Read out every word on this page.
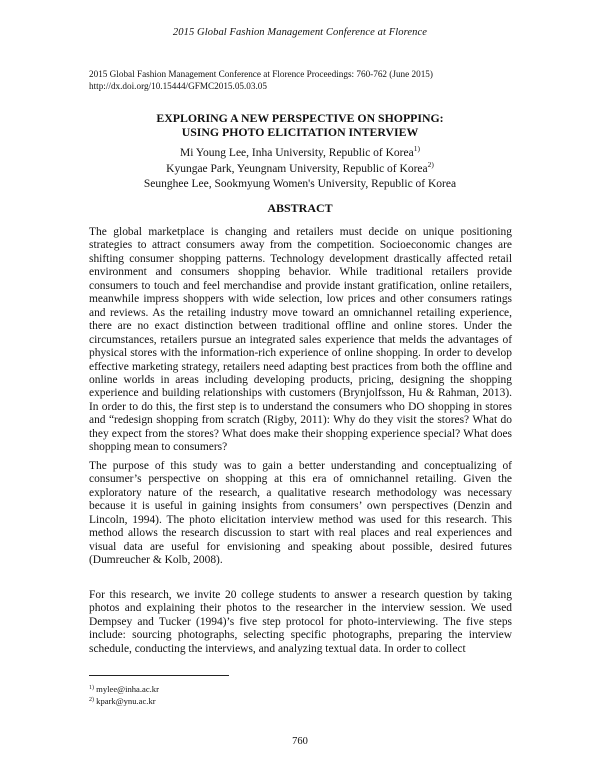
2015 Global Fashion Management Conference at Florence
2015 Global Fashion Management Conference at Florence Proceedings: 760-762 (June 2015)
http://dx.doi.org/10.15444/GFMC2015.05.03.05
EXPLORING A NEW PERSPECTIVE ON SHOPPING:
USING PHOTO ELICITATION INTERVIEW
Mi Young Lee, Inha University, Republic of Korea$^{1)}$
Kyungae Park, Yeungnam University, Republic of Korea$^{2)}$
Seunghee Lee, Sookmyung Women's University, Republic of Korea
ABSTRACT

The global marketplace is changing and retailers must decide on unique positioning strategies to attract consumers away from the competition. Socioeconomic changes are shifting consumer shopping patterns. Technology development drastically affected retail environment and consumers shopping behavior. While traditional retailers provide consumers to touch and feel merchandise and provide instant gratification, online retailers, meanwhile impress shoppers with wide selection, low prices and other consumers ratings and reviews. As the retailing industry move toward an omnichannel retailing experience, there are no exact distinction between traditional offline and online stores. Under the circumstances, retailers pursue an integrated sales experience that melds the advantages of physical stores with the information-rich experience of online shopping. In order to develop effective marketing strategy, retailers need adapting best practices from both the offline and online worlds in areas including developing products, pricing, designing the shopping experience and building relationships with customers (Brynjolfsson, Hu & Rahman, 2013). In order to do this, the first step is to understand the consumers who DO shopping in stores and “redesign shopping from scratch (Rigby, 2011): Why do they visit the stores? What do they expect from the stores? What does make their shopping experience special? What does shopping mean to consumers?

The purpose of this study was to gain a better understanding and conceptualizing of consumer’s perspective on shopping at this era of omnichannel retailing. Given the exploratory nature of the research, a qualitative research methodology was necessary because it is useful in gaining insights from consumers’ own perspectives (Denzin and Lincoln, 1994). The photo elicitation interview method was used for this research. This method allows the research discussion to start with real places and real experiences and visual data are useful for envisioning and speaking about possible, desired futures (Dumreucher & Kolb, 2008).

For this research, we invite 20 college students to answer a research question by taking photos and explaining their photos to the researcher in the interview session. We used Dempsey and Tucker (1994)’s five step protocol for photo-interviewing. The five steps include: sourcing photographs, selecting specific photographs, preparing the interview schedule, conducting the interviews, and analyzing textual data. In order to collect

$^{1)}$ mylee@inha.ac.kr
$^{2)}$ kpark@ynu.ac.kr
760
